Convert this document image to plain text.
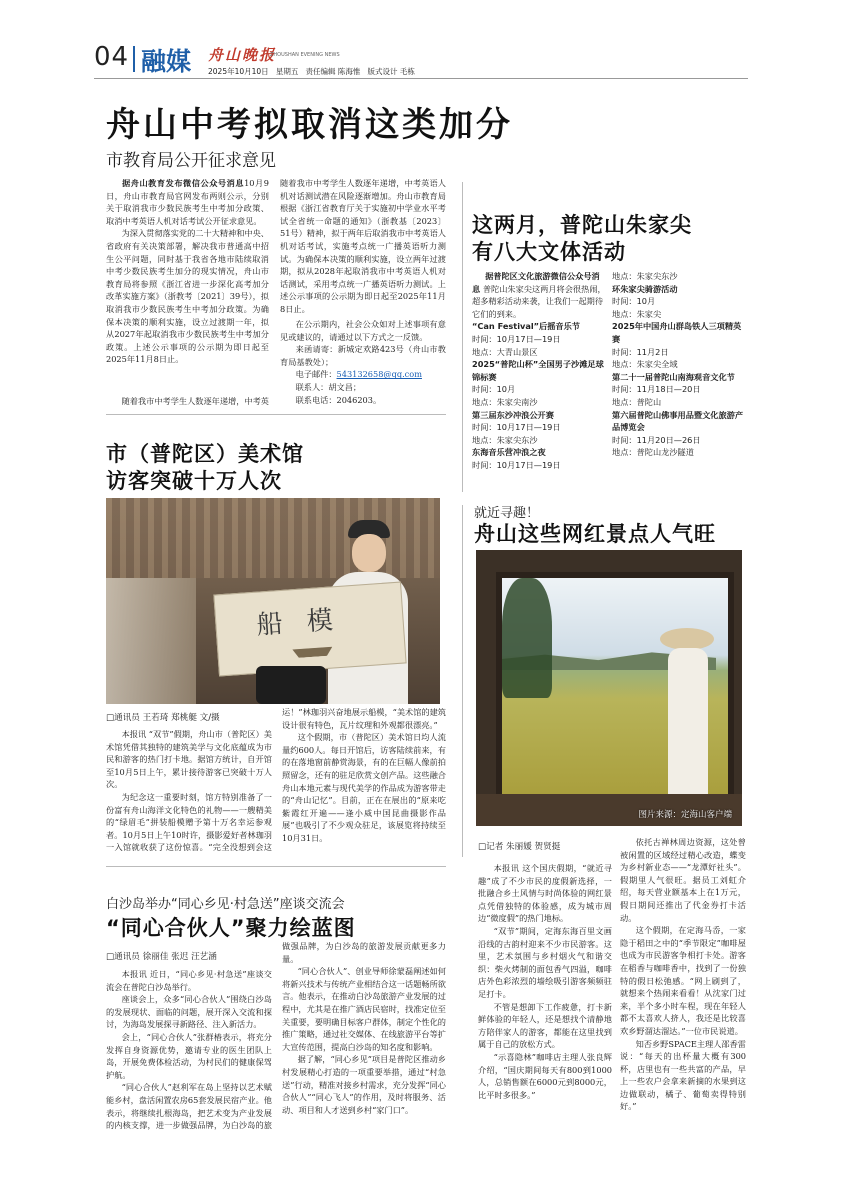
04 融媒 舟山晚报
ZHOUSHAN EVENING NEWS
2025年10月10日 星期五 责任编辑 陈海惟 版式设计 毛栋
舟山中考拟取消这类加分
市教育局公开征求意见

据舟山教育发布微信公众号消息10月9日，舟山市教育局官网发布两则公示，分别关于取消我市少数民族考生中考加分政策、取消中考英语人机对话考试公开征求意见。

为深入贯彻落实党的二十大精神和中央、省政府有关决策部署，解决我市普通高中招生公平问题，同时基于我省各地市陆续取消中考少数民族考生加分的现实情况，舟山市教育局将参照《浙江省进一步深化高考加分改革实施方案》（浙教考〔2021〕39号），拟取消我市少数民族考生中考加分政策。为确保本决策的顺利实施，设立过渡期一年，拟从2027年起取消我市少数民族考生中考加分政策。上述公示事项的公示期为即日起至2025年11月8日止。

随着我市中考学生人数逐年递增，中考英

随着我市中考学生人数逐年递增，中考英语人机对话测试潜在风险逐渐增加。舟山市教育局根据《浙江省教育厅关于实施初中学业水平考试全省统一命题的通知》（浙教基〔2023〕51号）精神，拟于两年后取消我市中考英语人机对话考试，实施考点统一广播英语听力测试。为确保本决策的顺利实施，设立两年过渡期，拟从2028年起取消我市中考英语人机对话测试，采用考点统一广播英语听力测试。上述公示事项的公示期为即日起至2025年11月8日止。

在公示期内，社会公众如对上述事项有意见或建议的，请通过以下方式之一反馈。

来函请寄：新城定欢路423号（舟山市教育局基教处）；

电子邮件：543132658@qq.com

联系人：胡文昌；

联系电话：2046203。

这两月，普陀山朱家尖
有八大文体活动

据普陀区文化旅游微信公众号消息 普陀山朱家尖这两月将会很热闹，超多精彩活动来袭，让我们一起期待它们的到来。

“Can Festival”后摇音乐节

时间：10月17日—19日

地点：大青山景区

2025“普陀山杯”全国男子沙滩足球锦标赛

时间：10月

地点：朱家尖南沙

第三届东沙冲浪公开赛

时间：10月17日—19日

地点：朱家尖东沙

东海音乐营冲浪之夜

时间：10月17日—19日

地点：朱家尖东沙

环朱家尖骑游活动

时间：10月

地点：朱家尖

2025年中国舟山群岛铁人三项精英赛

时间：11月2日

地点：朱家尖全域

第二十一届普陀山南海观音文化节

时间：11月18日—20日

地点：普陀山

第六届普陀山佛事用品暨文化旅游产品博览会

时间：11月20日—26日

地点：普陀山龙沙隧道

市（普陀区）美术馆
访客突破十万人次
船 模
□通讯员 王若琦 郑桃艇 文/摄

本报讯 “双节”假期，舟山市（普陀区）美术馆凭借其独特的建筑美学与文化底蕴成为市民和游客的热门打卡地。据馆方统计，自开馆至10月5日上午，累计接待游客已突破十万人次。

为纪念这一重要时刻，馆方特别准备了一份富有舟山海洋文化特色的礼物——一艘精美的“绿眉毛”拼装船模赠予第十万名幸运参观者。10月5日上午10时许，摄影爱好者林珈羽一入馆就收获了这份惊喜。“完全没想到会这

运！”林珈羽兴奋地展示船模，“美术馆的建筑设计很有特色，瓦片纹理和外观都很漂亮。”

这个假期，市（普陀区）美术馆日均人流量约600人。每日开馆后，访客陆续前来，有的在落地窗前静赏海景，有的在巨幅人像前拍照留念，还有的驻足欣赏文创产品。这些融合舟山本地元素与现代美学的作品成为游客带走的“舟山记忆”。目前，正在在展出的“原来吃紫霞红开遍——逢小威中国昆曲摄影作品展”也吸引了不少观众驻足，该展览将持续至10月31日。

就近寻趣！
舟山这些网红景点人气旺
图片来源：定海山客户端
□记者 朱丽媛 贺贤挺

本报讯 这个国庆假期，“就近寻趣”成了不少市民的度假新选择，一批融合乡土风情与时尚体验的网红景点凭借独特的体验感，成为城市周边“微度假”的热门地标。

“双节”期间，定海东海百里文画沿线的古韵村迎来不少市民游客。这里，艺术氛围与乡村烟火气和谐交织：柴火烤制的面包香气四溢，咖啡店外色彩浓烈的墙绘吸引游客频频驻足打卡。

不管是想卸下工作疲惫，打卡新鲜体验的年轻人，还是想找个清静地方陪伴家人的游客，都能在这里找到属于自己的放松方式。

“示喜隐林”咖啡店主理人张良辉介绍，“国庆期间每天有800到1000人，总销售额在6000元到8000元，比平时多很多。”

依托古禅林周边资源，这处曾被闲置的区域经过精心改造，蝶变为乡村新业态——“龙潭好社头”。假期里人气很旺。据员工刘虹介绍，每天营业额基本上在1万元，假日期间还推出了代金券打卡活动。

这个假期，在定海马岙，一家隐于稻田之中的“季节限定”咖啡屋也成为市民游客争相打卡处。游客在稻香与咖啡香中，找到了一份独特的假日松弛感。“网上刷到了，就想来个热闹来看看！从沈家门过来，半个多小时车程，现在年轻人都不太喜欢人挤人，我还是比较喜欢乡野溜达溜达。”一位市民说道。

知否乡野SPACE主理人邵香雷说：“每天的出杯量大概有300杯，店里也有一些共富的产品，早上一些农户会拿来新摘的水果到这边做联动，橘子、葡萄卖得特别好。”

白沙岛举办“同心乡见·村急送”座谈交流会
“同心合伙人”聚力绘蓝图
□通讯员 徐丽佳 张迟 汪艺涵

本报讯 近日，“同心乡见·村急送”座谈交流会在普陀白沙岛举行。

座谈会上，众多“同心合伙人”围绕白沙岛的发展现状、面临的问题，展开深入交流和探讨，为海岛发展探寻新路径、注入新活力。

会上，“同心合伙人”张群椿表示，将充分发挥自身资源优势，邀请专业的医生团队上岛，开展免费体检活动，为村民们的健康保驾护航。

“同心合伙人”赵利军在岛上坚持以艺术赋能乡村，盘活闲置农房65套发展民宿产业。他表示，将继续扎根海岛，把艺术变为产业发展的内核支撑，进一步做强品牌，为白沙岛的旅

做强品牌，为白沙岛的旅游发展贡献更多力量。

“同心合伙人”、创业导师徐蒙磊阐述如何将新兴技术与传统产业相结合这一话题畅所欲言。他表示，在推动白沙岛旅游产业发展的过程中，尤其是在推广酒店民宿时，找准定位至关重要，要明确目标客户群体，制定个性化的推广策略，通过社交媒体、在线旅游平台等扩大宣传范围，提高白沙岛的知名度和影响。

据了解，“同心乡见”项目是普陀区推动乡村发展精心打造的一项重要举措，通过“村急送”行动，精准对接乡村需求，充分发挥“同心合伙人”“同心飞人”的作用，及时将服务、活动、项目和人才送到乡村“家门口”。
